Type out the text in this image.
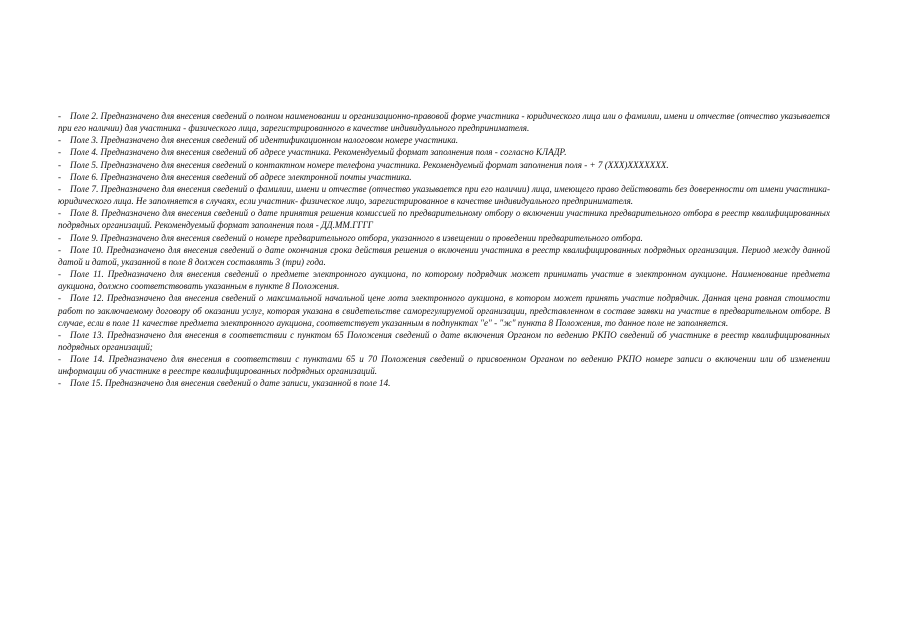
- Поле 2. Предназначено для внесения сведений о полном наименовании и организационно-правовой форме участника - юридического лица или о фамилии, имени и отчестве (отчество указывается при его наличии) для участника - физического лица, зарегистрированного в качестве индивидуального предпринимателя.

- Поле 3. Предназначено для внесения сведений об идентификационном налоговом номере участника.

- Поле 4. Предназначено для внесения сведений об адресе участника. Рекомендуемый формат заполнения поля - согласно КЛАДР.

- Поле 5. Предназначено для внесения сведений о контактном номере телефона участника. Рекомендуемый формат заполнения поля - + 7 (XXX)XXXXXXX.

- Поле 6. Предназначено для внесения сведений об адресе электронной почты участника.

- Поле 7. Предназначено для внесения сведений о фамилии, имени и отчестве (отчество указывается при его наличии) лица, имеющего право действовать без доверенности от имени участника- юридического лица. Не заполняется в случаях, если участник- физическое лицо, зарегистрированное в качестве индивидуального предпринимателя.

- Поле 8. Предназначено для внесения сведений о дате принятия решения комиссией по предварительному отбору о включении участника предварительного отбора в реестр квалифицированных подрядных организаций. Рекомендуемый формат заполнения поля - ДД.ММ.ГГГГ

- Поле 9. Предназначено для внесения сведений о номере предварительного отбора, указанного в извещении о проведении предварительного отбора.

- Поле 10. Предназначено для внесения сведений о дате окончания срока действия решения о включении участника в реестр квалифицированных подрядных организация. Период между данной датой и датой, указанной в поле 8 должен составлять 3 (три) года.

- Поле 11. Предназначено для внесения сведений о предмете электронного аукциона, по которому подрядчик может принимать участие в электронном аукционе. Наименование предмета аукциона, должно соответствовать указанным в пункте 8 Положения.

- Поле 12. Предназначено для внесения сведений о максимальной начальной цене лота электронного аукциона, в котором может принять участие подрядчик. Данная цена равная стоимости работ по заключаемому договору об оказании услуг, которая указана в свидетельстве саморегулируемой организации, представленном в составе заявки на участие в предварительном отборе. В случае, если в поле 11 качестве предмета электронного аукциона, соответствует указанным в подпунктах "е" - "ж" пункта 8 Положения, то данное поле не заполняется.

- Поле 13. Предназначено для внесения в соответствии с пунктом 65 Положения сведений о дате включения Органом по ведению РКПО сведений об участнике в реестр квалифицированных подрядных организаций;

- Поле 14. Предназначено для внесения в соответствии с пунктами 65 и 70 Положения сведений о присвоенном Органом по ведению РКПО номере записи о включении или об изменении информации об участнике в реестре квалифицированных подрядных организаций.

- Поле 15. Предназначено для внесения сведений о дате записи, указанной в поле 14.
